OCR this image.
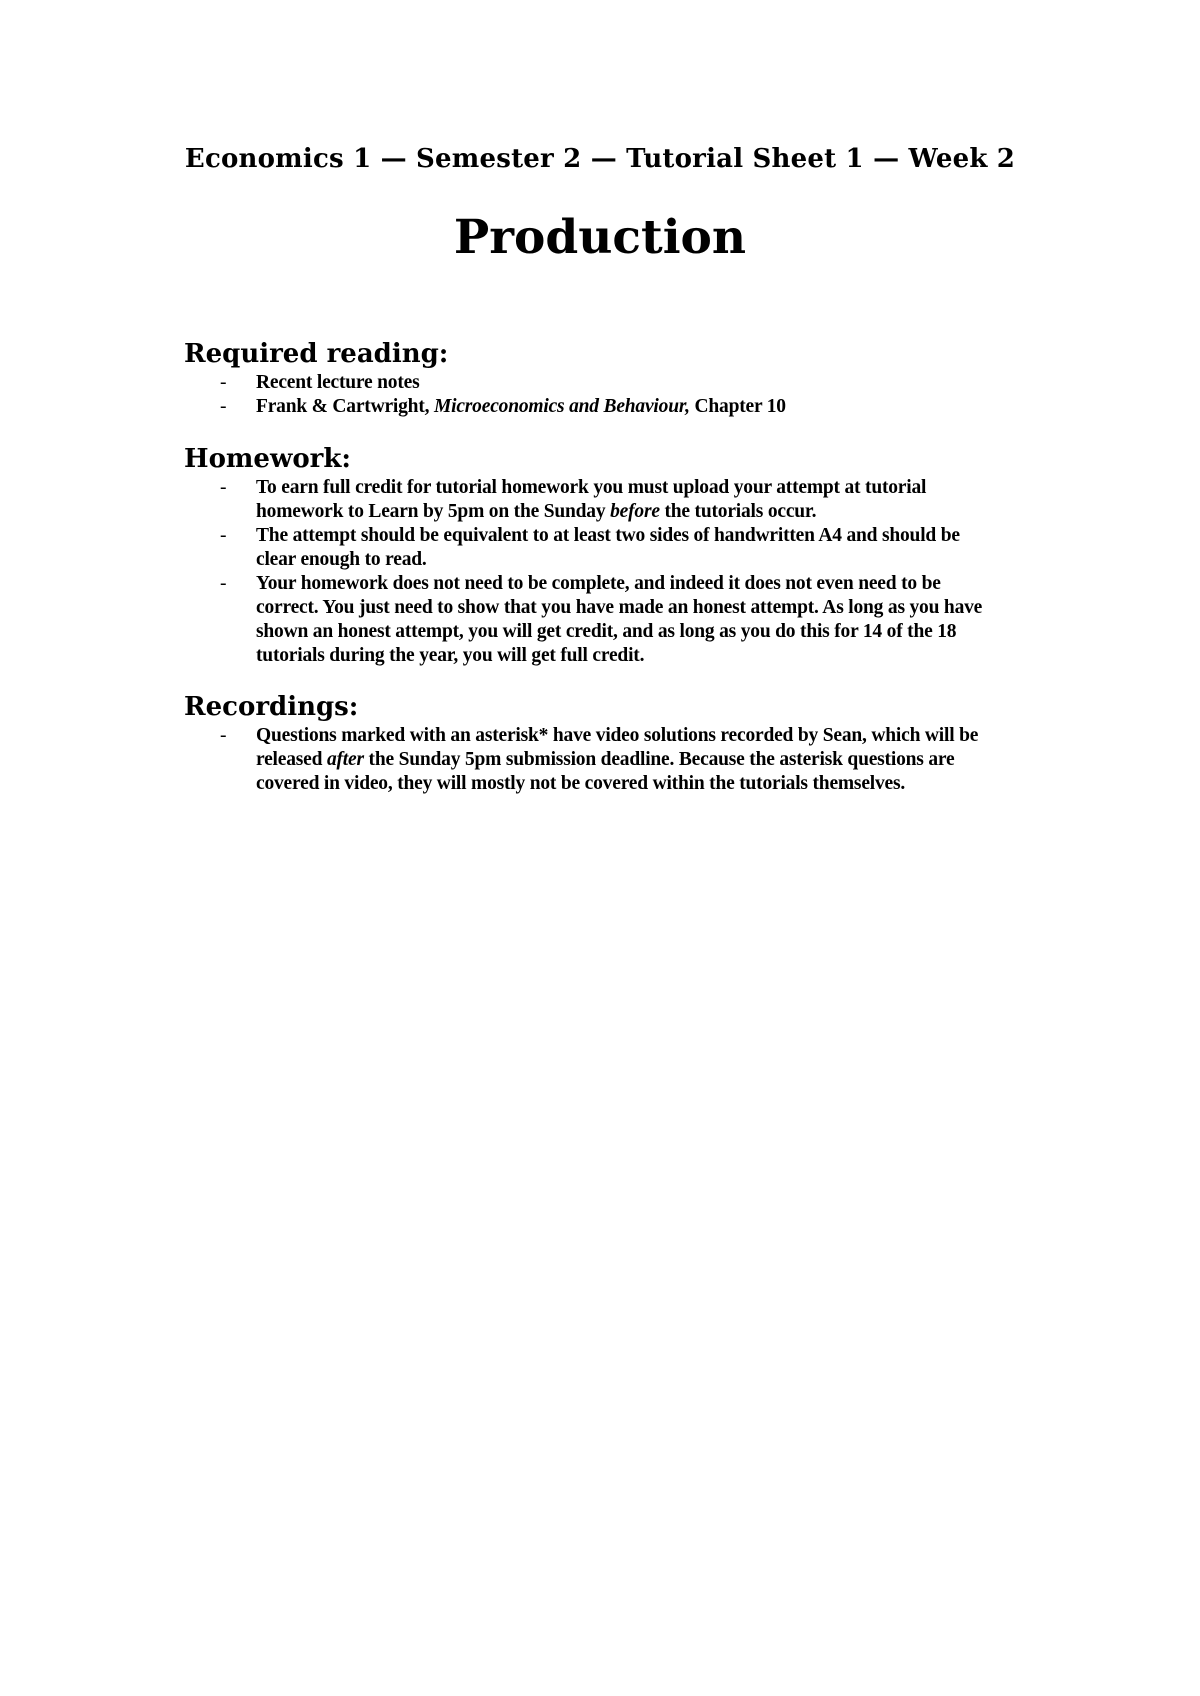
Economics 1 — Semester 2 — Tutorial Sheet 1 — Week 2
Production
Required reading:
- Recent lecture notes
- Frank & Cartwright, Microeconomics and Behaviour, Chapter 10
Homework:
- To earn full credit for tutorial homework you must upload your attempt at tutorial homework to Learn by 5pm on the Sunday before the tutorials occur.
- The attempt should be equivalent to at least two sides of handwritten A4 and should be clear enough to read.
- Your homework does not need to be complete, and indeed it does not even need to be correct. You just need to show that you have made an honest attempt. As long as you have shown an honest attempt, you will get credit, and as long as you do this for 14 of the 18 tutorials during the year, you will get full credit.
Recordings:
- Questions marked with an asterisk* have video solutions recorded by Sean, which will be released after the Sunday 5pm submission deadline. Because the asterisk questions are covered in video, they will mostly not be covered within the tutorials themselves.
